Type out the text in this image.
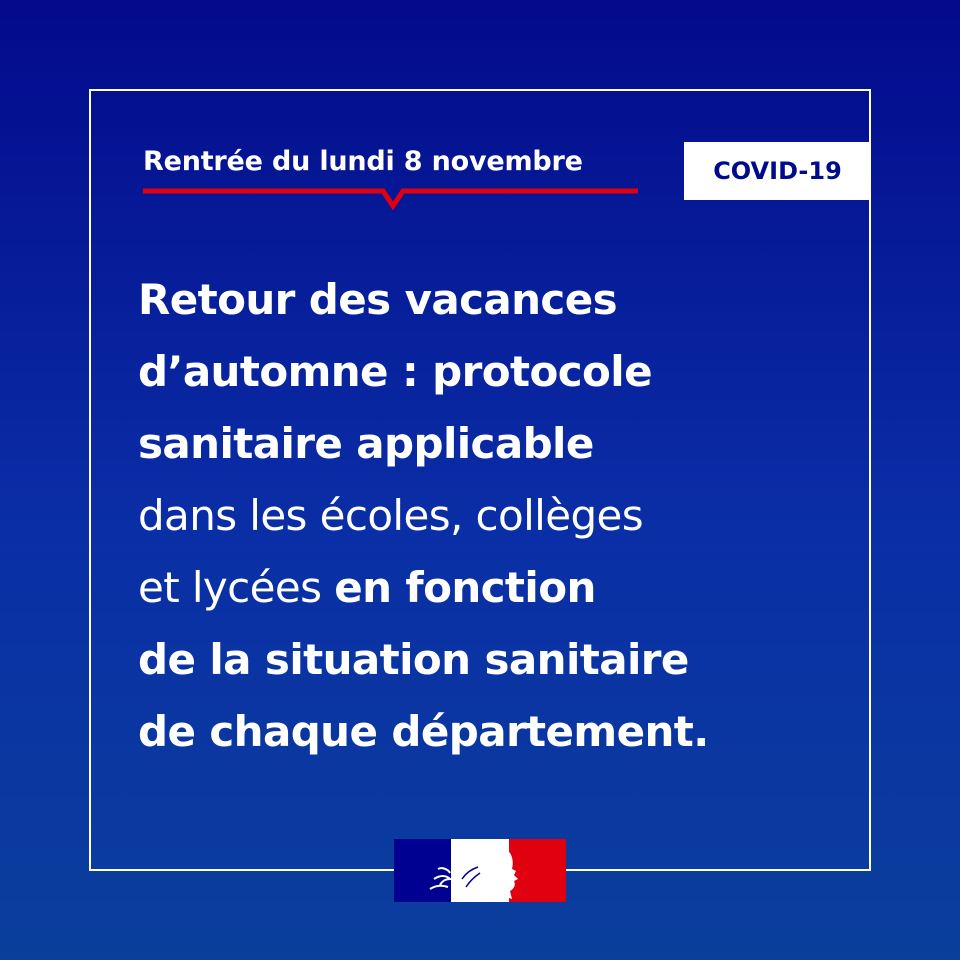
Rentrée du lundi 8 novembre	COVID-19
Retour des vacances
d’automne : protocole
sanitaire applicable
dans les écoles, collèges
et lycées en fonction
de la situation sanitaire
de chaque département.
